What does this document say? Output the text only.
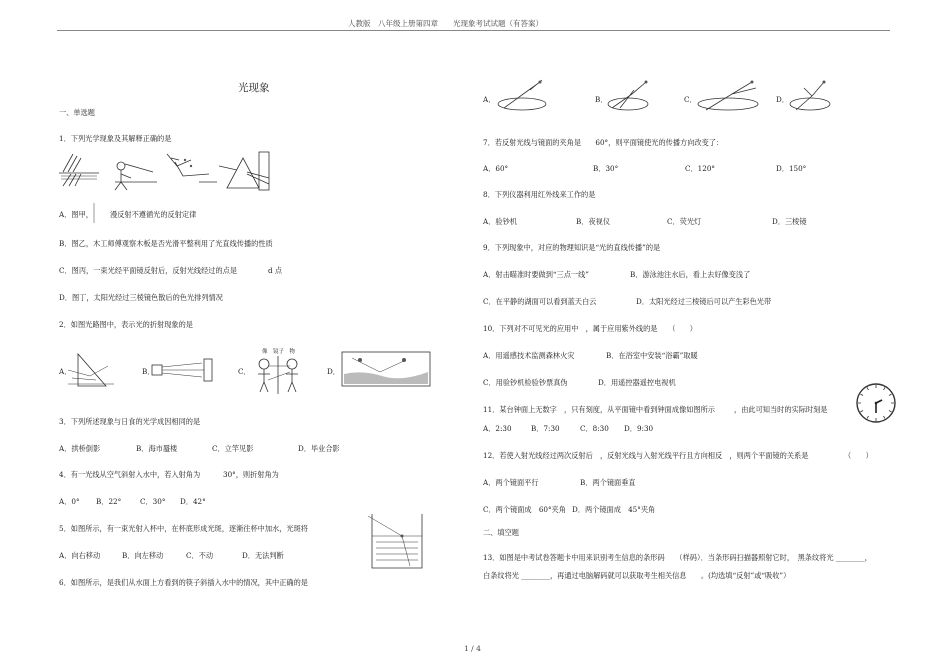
人教版　八年级上册第四章　　光现象考试试题（有答案）
1 / 4
光现象
一、单选题
1．下列光学现象及其解释正确的是
A．图甲， 漫反射不遵循光的反射定律
B．图乙，木工师傅观察木板是否光滑平整利用了光直线传播的性质
C．图丙，一束光经平面镜反射后，反射光线经过的点是	d 点
D．图丁，太阳光经过三棱镜色散后的色光排列情况
2．如图光路图中，表示光的折射现象的是
A．	B．	C．
像　镜子　物
D．
3．下列所述现象与日食的光学成因相同的是
A．拱桥倒影	B．海市蜃楼	C．立竿见影	D．毕业合影
4．有一光线从空气斜射入水中，若入射角为	30°，则折射角为
A．0° B．22°	C．30° D．42°
5．如图所示，有一束光射入杯中，在杯底形成光斑，逐渐往杯中加水，光斑将
A．向右移动	B．向左移动	C．不动	D．无法判断
6．如图所示，是我们从水面上方看到的筷子斜插入水中的情况，其中正确的是
A．	B．	C．	D．
7．若反射光线与镜面的夹角是　　60°，则平面镜使光的传播方向改变了：
A．60°	B．30°	C．120°	D．150°
8．下列仪器利用红外线来工作的是
A．验钞机	B．夜视仪	C．荧光灯	D．三棱镜
9．下列现象中，对应的物理知识是“光的直线传播”的是
A．射击瞄准时要做到“三点一线”	B．游泳池注水后，看上去好像变浅了
C．在平静的湖面可以看到蓝天白云	D．太阳光经过三棱镜后可以产生彩色光带
10．下列对不可见光的应用中　，属于应用紫外线的是　　（　　）
A．用遥感技术监测森林火灾	B．在浴室中安装“浴霸”取暖
C．用验钞机检验钞票真伪	D．用遥控器遥控电视机
11．某台钟面上无数字　，只有刻度，从平面镜中看到钟面成像如图所示	，由此可知当时的实际时刻是
A．2:30	B．7:30	C．8:30 D．9:30
12．若使入射光线经过两次反射后　，反射光线与入射光线平行且方向相反　，则两个平面镜的关系是	（　　）
A．两个镜面平行	B．两个镜面垂直
C．两个镜面成　60°夹角 D．两个镜面成　45°夹角
二、填空题
13．如图是中考试卷答题卡中用来识别考生信息的条形码　　（样码）．当条形码扫描器照射它时，　黑条纹将光 ________，
白条纹将光 ________，再通过电脑解码就可以获取考生相关信息　　。(均选填“反射”或“吸收”）
